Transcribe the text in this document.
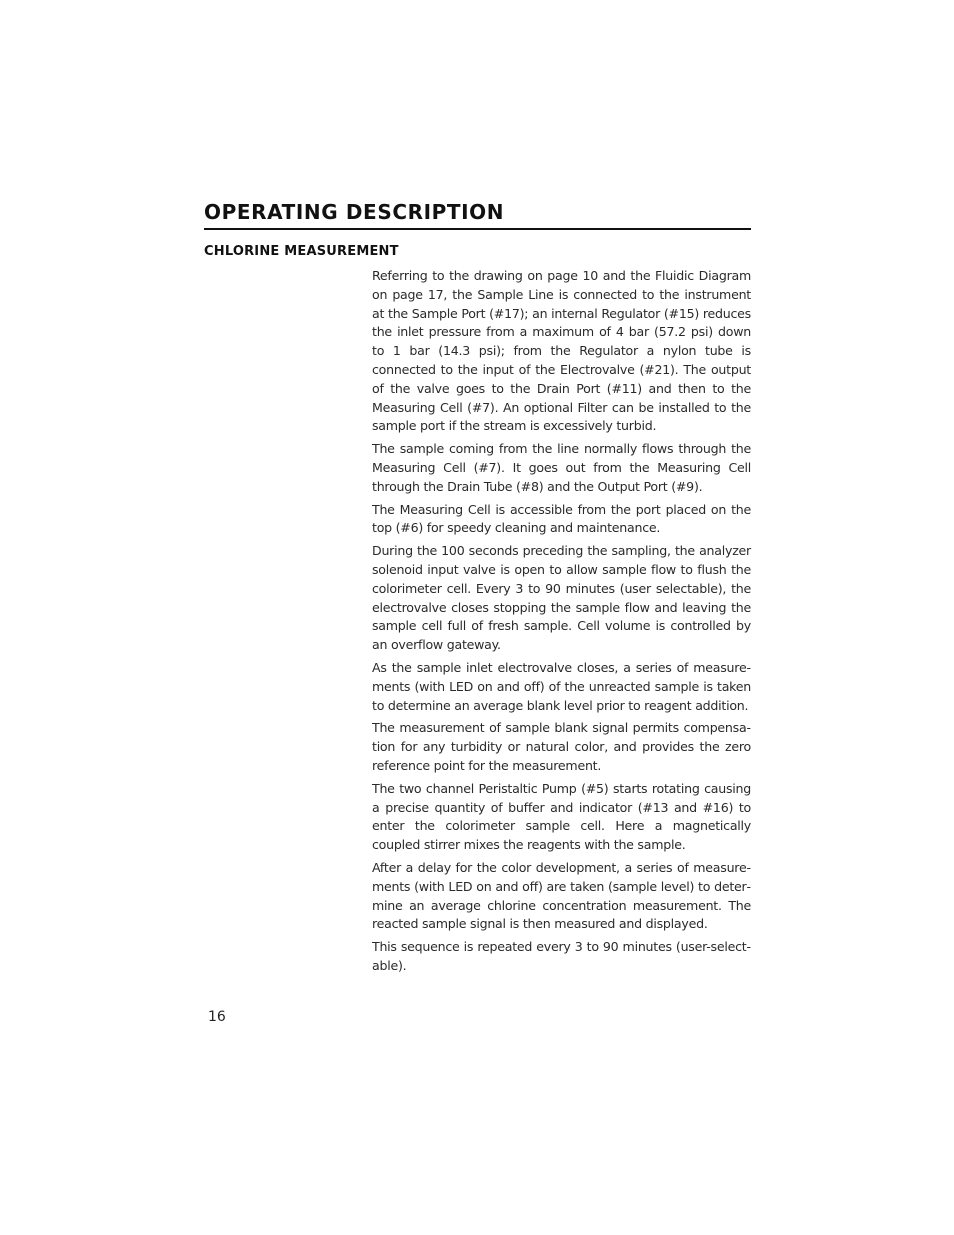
OPERATING DESCRIPTION
CHLORINE MEASUREMENT

Referring to the drawing on page 10 and the Fluidic Diagram on page 17, the Sample Line is connected to the instrument at the Sample Port (#17); an internal Regulator (#15) reduces the inlet pressure from a maximum of 4 bar (57.2 psi) down to 1 bar (14.3 psi); from the Regulator a nylon tube is connected to the input of the Electrovalve (#21). The output of the valve goes to the Drain Port (#11) and then to the Measuring Cell (#7). An optional Filter can be installed to the sample port if the stream is excessively turbid.

The sample coming from the line normally flows through the Measuring Cell (#7). It goes out from the Measuring Cell through the Drain Tube (#8) and the Output Port (#9).

The Measuring Cell is accessible from the port placed on the top (#6) for speedy cleaning and maintenance.

During the 100 seconds preceding the sampling, the analyzer solenoid input valve is open to allow sample flow to flush the colorimeter cell. Every 3 to 90 minutes (user selectable), the electrovalve closes stopping the sample flow and leaving the sample cell full of fresh sample. Cell volume is controlled by an overflow gateway.

As the sample inlet electrovalve closes, a series of measurements (with LED on and off) of the unreacted sample is taken to determine an average blank level prior to reagent addition.

The measurement of sample blank signal permits compensation for any turbidity or natural color, and provides the zero reference point for the measurement.

The two channel Peristaltic Pump (#5) starts rotating causing a precise quantity of buffer and indicator (#13 and #16) to enter the colorimeter sample cell. Here a magnetically coupled stirrer mixes the reagents with the sample.

After a delay for the color development, a series of measurements (with LED on and off) are taken (sample level) to determine an average chlorine concentration measurement. The reacted sample signal is then measured and displayed.

This sequence is repeated every 3 to 90 minutes (user-selectable).

16
